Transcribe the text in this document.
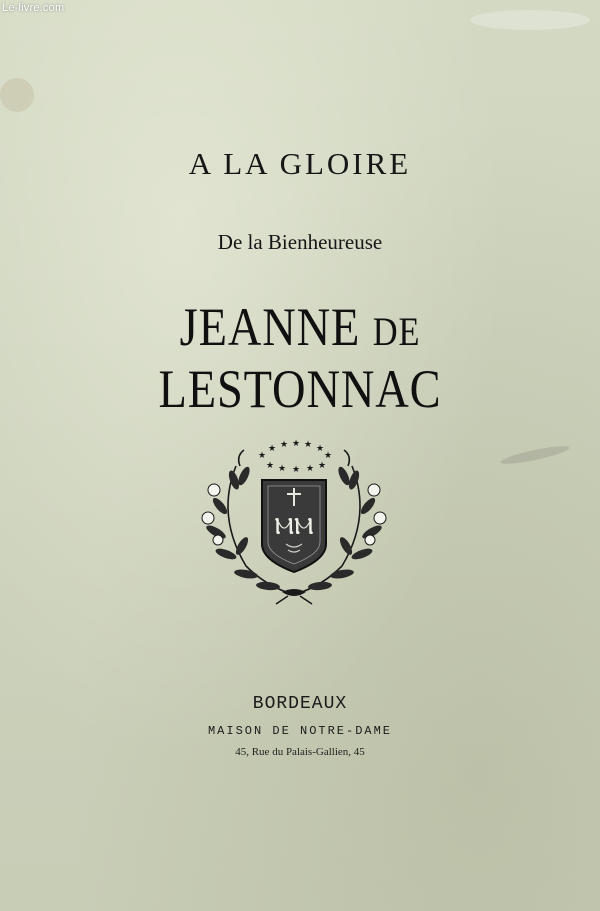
Le-livre.com
A LA GLOIRE
De la Bienheureuse
JEANNE DE LESTONNAC
★
★ ★ ★ ★ ★
★
★ ★ ★ ★ ★
ⲘⲘ
BORDEAUX
MAISON DE NOTRE-DAME
45, Rue du Palais-Gallien, 45
